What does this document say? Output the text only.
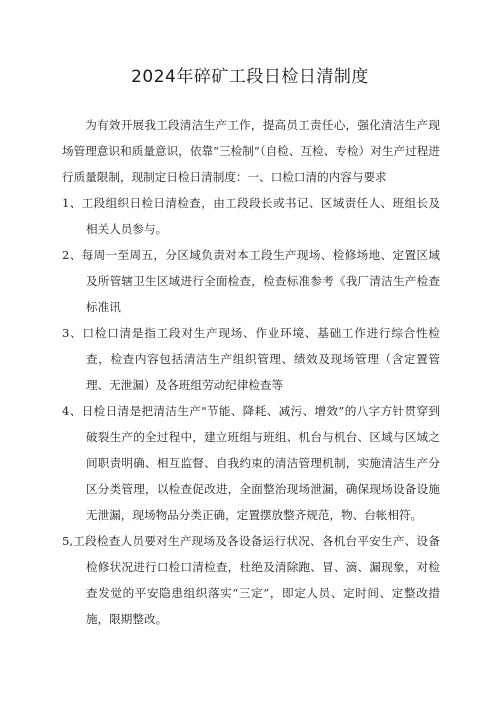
2024年碎矿工段日检日清制度

为有效开展我工段清洁生产工作，提高员工责任心，强化清洁生产现场管理意识和质量意识，依靠“三检制”（自检、互检、专检）对生产过程进行质量限制，现制定日检日清制度：一、口检口清的内容与要求

1、工段组织日检日清检查，由工段段长或书记、区域责任人、班组长及相关人员参与。

2、每周一至周五，分区域负责对本工段生产现场、检修场地、定置区域及所管辖卫生区域进行全面检查，检查标准参考《我厂清洁生产检查标准讯

3、口检口清是指工段对生产现场、作业环境、基础工作进行综合性检查，检查内容包括清洁生产组织管理、绩效及现场管理（含定置管理、无泄漏）及各班组劳动纪律检查等

4、日检日清是把清洁生产"节能、降耗、减污、增效”的八字方针贯穿到破裂生产的全过程中，建立班组与班组、机台与机台、区域与区域之间职责明确、相互监督、自我约束的清洁管理机制，实施清洁生产分区分类管理，以检查促改进，全面整治现场泄漏，确保现场设备设施无泄漏，现场物品分类正确，定置摆放整齐规范，物、台帐相符。

5,工段检查人员要对生产现场及各设备运行状况、各机台平安生产、设备检修状况进行口检口清检查，杜绝及清除跑、冒、滴、漏现象，对检查发觉的平安隐患组织落实“三定”，即定人员、定时间、定整改措施，限期整改。
